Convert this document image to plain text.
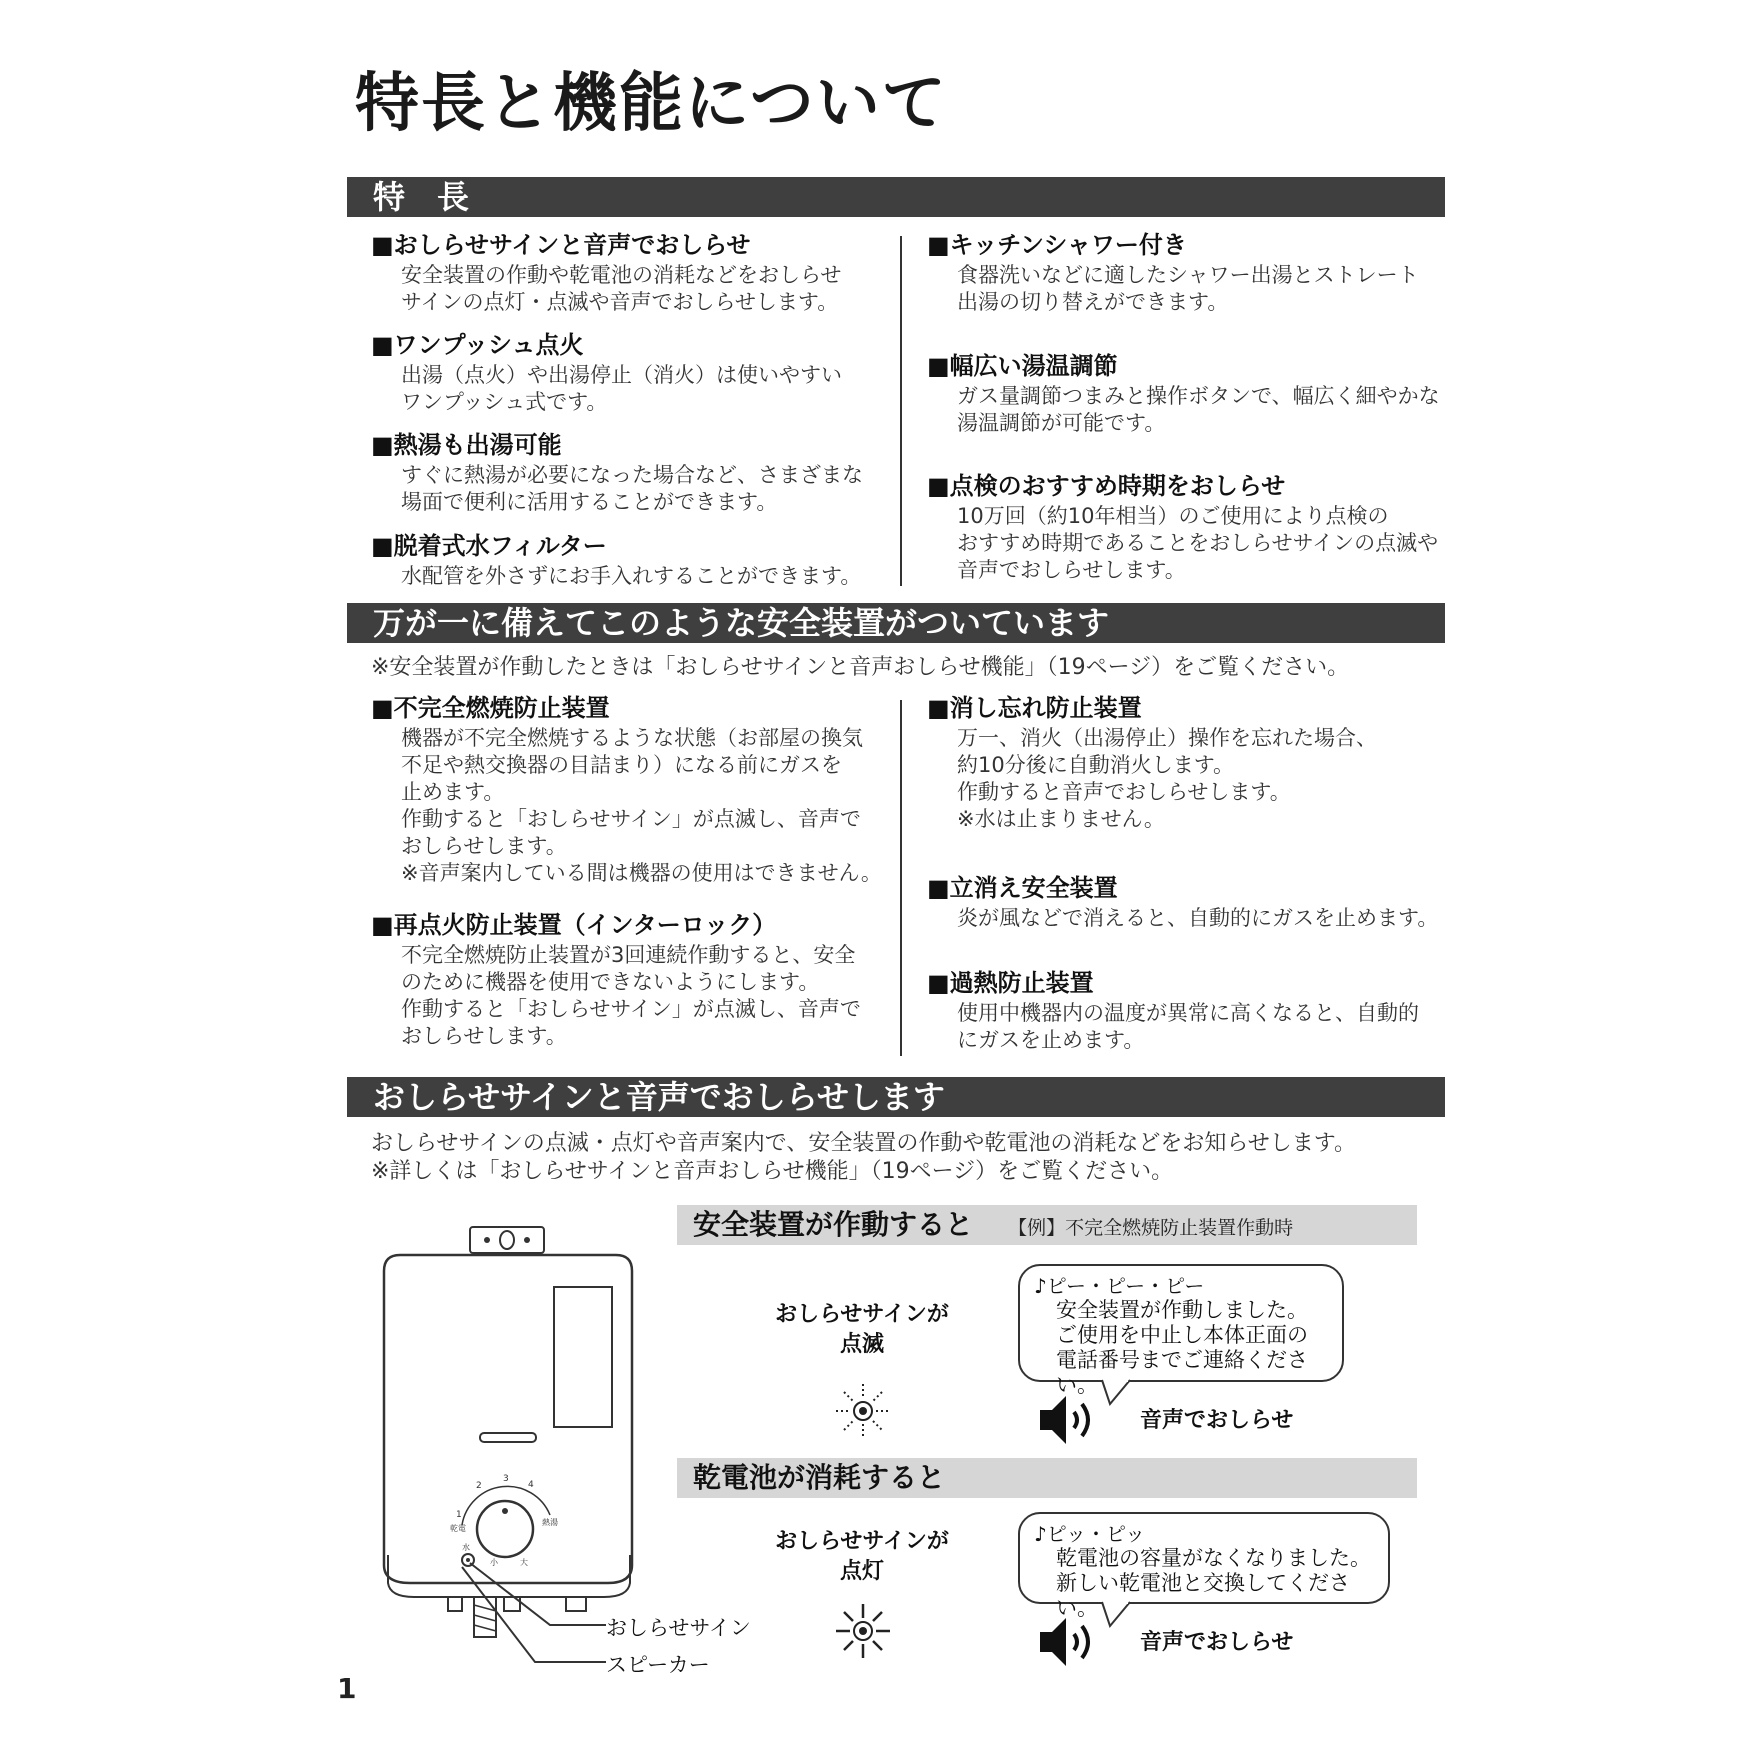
特長と機能について
特　長
■おしらせサインと音声でおしらせ

安全装置の作動や乾電池の消耗などをおしらせ
サインの点灯・点滅や音声でおしらせします。

■ワンプッシュ点火

出湯（点火）や出湯停止（消火）は使いやすい
ワンプッシュ式です。

■熱湯も出湯可能

すぐに熱湯が必要になった場合など、さまざまな
場面で便利に活用することができます。

■脱着式水フィルター

水配管を外さずにお手入れすることができます。

■キッチンシャワー付き

食器洗いなどに適したシャワー出湯とストレート
出湯の切り替えができます。

■幅広い湯温調節

ガス量調節つまみと操作ボタンで、幅広く細やかな
湯温調節が可能です。

■点検のおすすめ時期をおしらせ

10万回（約10年相当）のご使用により点検の
おすすめ時期であることをおしらせサインの点滅や
音声でおしらせします。

万が一に備えてこのような安全装置がついています
※安全装置が作動したときは「おしらせサインと音声おしらせ機能」（19ページ）をご覧ください。
■不完全燃焼防止装置

機器が不完全燃焼するような状態（お部屋の換気
不足や熱交換器の目詰まり）になる前にガスを
止めます。
作動すると「おしらせサイン」が点滅し、音声で
おしらせします。
※音声案内している間は機器の使用はできません。

■再点火防止装置（インターロック）

不完全燃焼防止装置が3回連続作動すると、安全
のために機器を使用できないようにします。
作動すると「おしらせサイン」が点滅し、音声で
おしらせします。

■消し忘れ防止装置

万一、消火（出湯停止）操作を忘れた場合、
約10分後に自動消火します。
作動すると音声でおしらせします。
※水は止まりません。

■立消え安全装置

炎が風などで消えると、自動的にガスを止めます。

■過熱防止装置

使用中機器内の温度が異常に高くなると、自動的
にガスを止めます。

おしらせサインと音声でおしらせします
おしらせサインの点滅・点灯や音声案内で、安全装置の作動や乾電池の消耗などをお知らせします。
※詳しくは「おしらせサインと音声おしらせ機能」（19ページ）をご覧ください。
1
2
3
4
乾電
熱湯
水
小	大
おしらせサイン
スピーカー
安全装置が作動すると 【例】不完全燃焼防止装置作動時
おしらせサインが
点滅
♪ピー・ピー・ピー
安全装置が作動しました。
ご使用を中止し本体正面の
電話番号までご連絡ください。
音声でおしらせ
乾電池が消耗すると
おしらせサインが
点灯
♪ピッ・ピッ
乾電池の容量がなくなりました。
新しい乾電池と交換してください。
音声でおしらせ
1
